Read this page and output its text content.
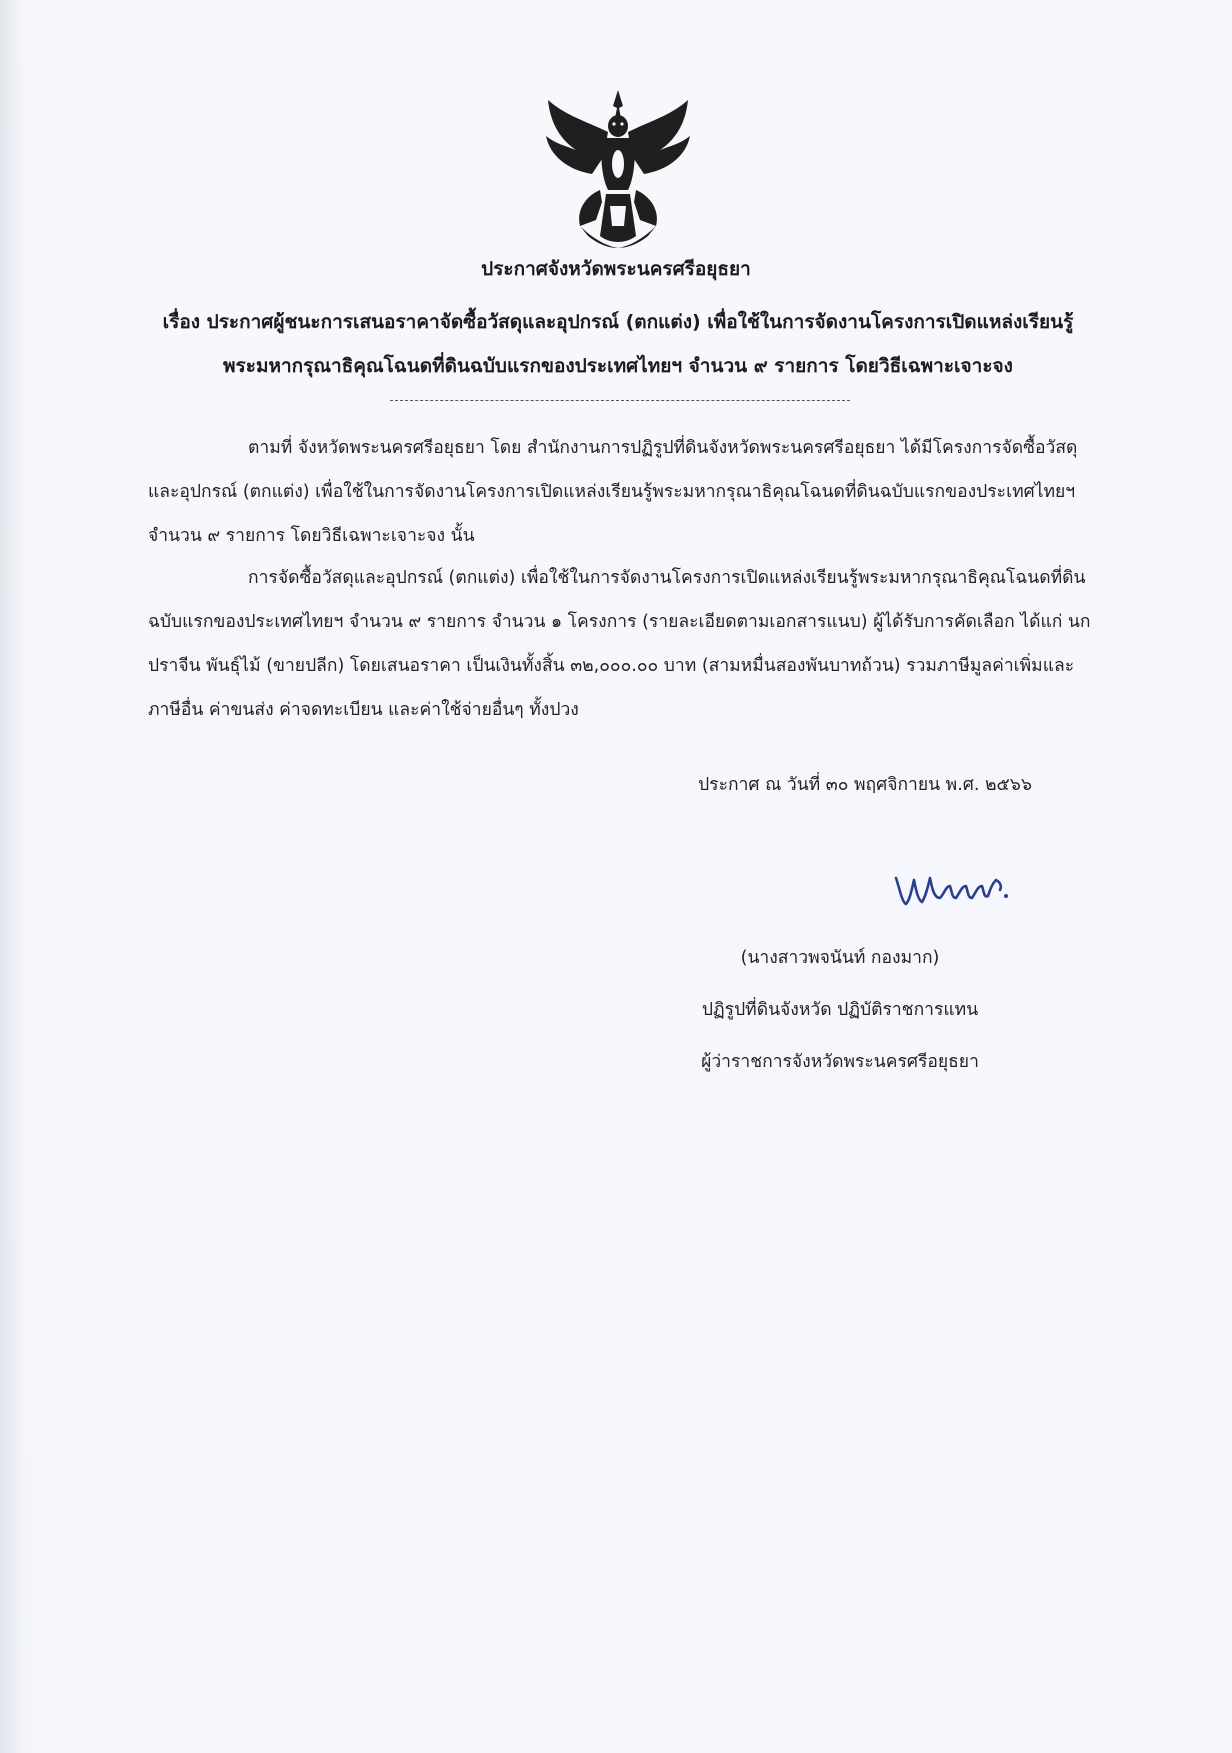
ประกาศจังหวัดพระนครศรีอยุธยา
เรื่อง ประกาศผู้ชนะการเสนอราคาจัดซื้อวัสดุและอุปกรณ์ (ตกแต่ง) เพื่อใช้ในการจัดงานโครงการเปิดแหล่งเรียนรู้
พระมหากรุณาธิคุณโฉนดที่ดินฉบับแรกของประเทศไทยฯ จำนวน ๙ รายการ โดยวิธีเฉพาะเจาะจง

ตามที่ จังหวัดพระนครศรีอยุธยา โดย สำนักงานการปฏิรูปที่ดินจังหวัดพระนครศรีอยุธยา ได้มีโครงการจัดซื้อวัสดุและอุปกรณ์ (ตกแต่ง) เพื่อใช้ในการจัดงานโครงการเปิดแหล่งเรียนรู้พระมหากรุณาธิคุณโฉนดที่ดินฉบับแรกของประเทศไทยฯ จำนวน ๙ รายการ โดยวิธีเฉพาะเจาะจง นั้น

การจัดซื้อวัสดุและอุปกรณ์ (ตกแต่ง) เพื่อใช้ในการจัดงานโครงการเปิดแหล่งเรียนรู้พระมหากรุณาธิคุณโฉนดที่ดินฉบับแรกของประเทศไทยฯ จำนวน ๙ รายการ จำนวน ๑ โครงการ (รายละเอียดตามเอกสารแนบ) ผู้ได้รับการคัดเลือก ได้แก่ นกปราจีน พันธุ์ไม้ (ขายปลีก) โดยเสนอราคา เป็นเงินทั้งสิ้น ๓๒,๐๐๐.๐๐ บาท (สามหมื่นสองพันบาทถ้วน) รวมภาษีมูลค่าเพิ่มและภาษีอื่น ค่าขนส่ง ค่าจดทะเบียน และค่าใช้จ่ายอื่นๆ ทั้งปวง

ประกาศ ณ วันที่ ๓๐ พฤศจิกายน พ.ศ. ๒๕๖๖
(นางสาวพจนันท์ กองมาก)
ปฏิรูปที่ดินจังหวัด ปฏิบัติราชการแทน
ผู้ว่าราชการจังหวัดพระนครศรีอยุธยา
